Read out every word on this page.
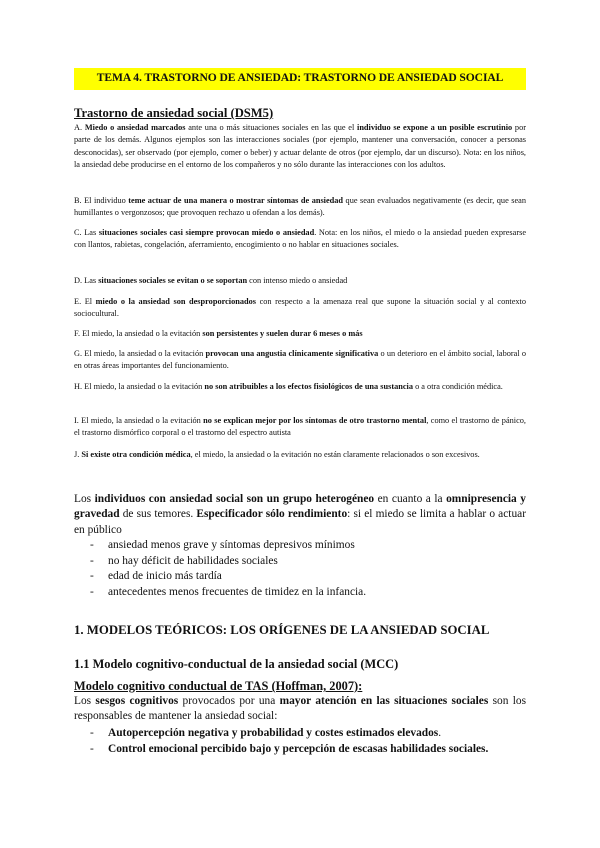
TEMA 4. TRASTORNO DE ANSIEDAD: TRASTORNO DE ANSIEDAD SOCIAL
Trastorno de ansiedad social (DSM5)
A. Miedo o ansiedad marcados ante una o más situaciones sociales en las que el individuo se expone a un posible escrutinio por parte de los demás. Algunos ejemplos son las interacciones sociales (por ejemplo, mantener una conversación, conocer a personas desconocidas), ser observado (por ejemplo, comer o beber) y actuar delante de otros (por ejemplo, dar un discurso). Nota: en los niños, la ansiedad debe producirse en el entorno de los compañeros y no sólo durante las interacciones con los adultos.
B. El individuo teme actuar de una manera o mostrar síntomas de ansiedad que sean evaluados negativamente (es decir, que sean humillantes o vergonzosos; que provoquen rechazo u ofendan a los demás).
C. Las situaciones sociales casi siempre provocan miedo o ansiedad. Nota: en los niños, el miedo o la ansiedad pueden expresarse con llantos, rabietas, congelación, aferramiento, encogimiento o no hablar en situaciones sociales.
D. Las situaciones sociales se evitan o se soportan con intenso miedo o ansiedad
E. El miedo o la ansiedad son desproporcionados con respecto a la amenaza real que supone la situación social y al contexto sociocultural.
F. El miedo, la ansiedad o la evitación son persistentes y suelen durar 6 meses o más
G. El miedo, la ansiedad o la evitación provocan una angustia clínicamente significativa o un deterioro en el ámbito social, laboral o en otras áreas importantes del funcionamiento.
H. El miedo, la ansiedad o la evitación no son atribuibles a los efectos fisiológicos de una sustancia o a otra condición médica.
I. El miedo, la ansiedad o la evitación no se explican mejor por los síntomas de otro trastorno mental, como el trastorno de pánico, el trastorno dismórfico corporal o el trastorno del espectro autista
J. Si existe otra condición médica, el miedo, la ansiedad o la evitación no están claramente relacionados o son excesivos.
Los individuos con ansiedad social son un grupo heterogéneo en cuanto a la omnipresencia y gravedad de sus temores. Especificador sólo rendimiento: si el miedo se limita a hablar o actuar en público
- ansiedad menos grave y síntomas depresivos mínimos
- no hay déficit de habilidades sociales
- edad de inicio más tardía
- antecedentes menos frecuentes de timidez en la infancia.
1. MODELOS TEÓRICOS: LOS ORÍGENES DE LA ANSIEDAD SOCIAL
1.1 Modelo cognitivo-conductual de la ansiedad social (MCC)
Modelo cognitivo conductual de TAS (Hoffman, 2007):
Los sesgos cognitivos provocados por una mayor atención en las situaciones sociales son los responsables de mantener la ansiedad social:
- Autopercepción negativa y probabilidad y costes estimados elevados.
- Control emocional percibido bajo y percepción de escasas habilidades sociales.
